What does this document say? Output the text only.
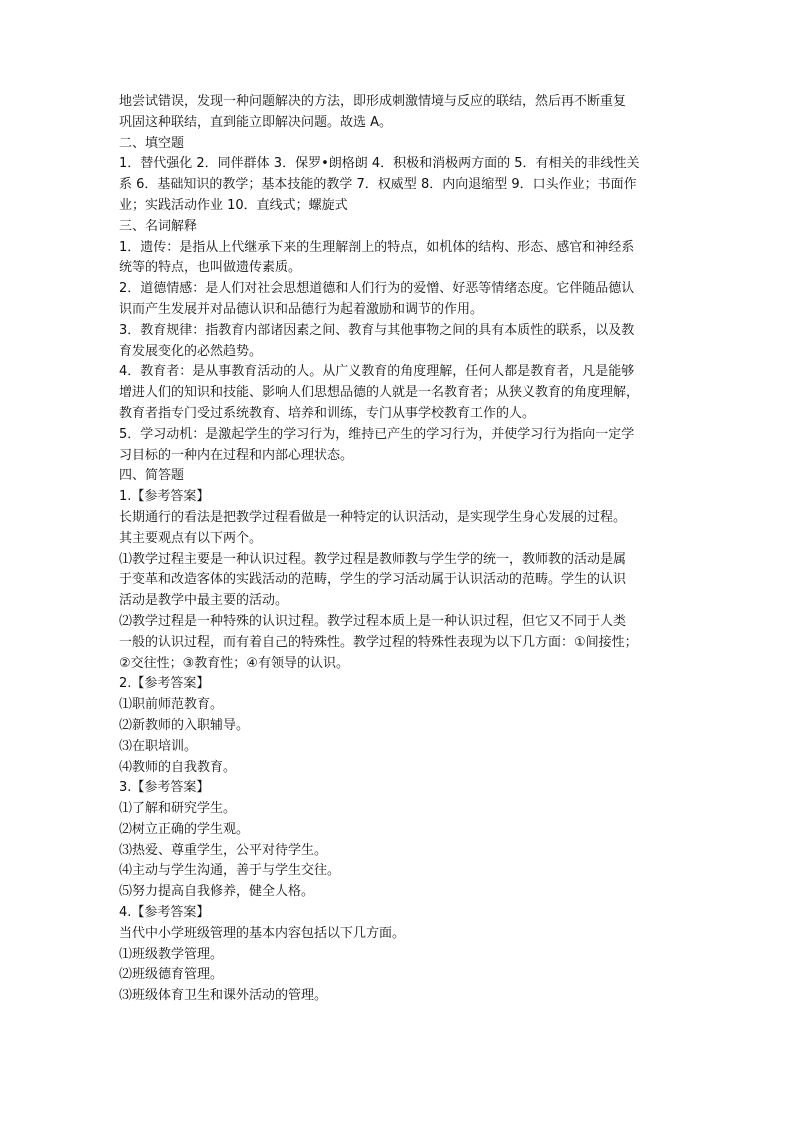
地尝试错误，发现一种问题解决的方法，即形成刺激情境与反应的联结，然后再不断重复
巩固这种联结，直到能立即解决问题。故选 A。
二、填空题
1．替代强化 2．同伴群体 3．保罗•朗格朗 4．积极和消极两方面的 5．有相关的非线性关
系 6．基础知识的教学；基本技能的教学 7．权威型 8．内向退缩型 9．口头作业；书面作
业；实践活动作业 10．直线式；螺旋式
三、名词解释
1．遗传：是指从上代继承下来的生理解剖上的特点，如机体的结构、形态、感官和神经系
统等的特点，也叫做遗传素质。
2．道德情感：是人们对社会思想道德和人们行为的爱憎、好恶等情绪态度。它伴随品德认
识而产生发展并对品德认识和品德行为起着激励和调节的作用。
3．教育规律：指教育内部诸因素之间、教育与其他事物之间的具有本质性的联系，以及教
育发展变化的必然趋势。
4．教育者：是从事教育活动的人。从广义教育的角度理解，任何人都是教育者，凡是能够
增进人们的知识和技能、影响人们思想品德的人就是一名教育者；从狭义教育的角度理解，
教育者指专门受过系统教育、培养和训练，专门从事学校教育工作的人。
5．学习动机：是激起学生的学习行为，维持已产生的学习行为，并使学习行为指向一定学
习目标的一种内在过程和内部心理状态。
四、简答题
1.【参考答案】
长期通行的看法是把教学过程看做是一种特定的认识活动，是实现学生身心发展的过程。
其主要观点有以下两个。
⑴教学过程主要是一种认识过程。教学过程是教师教与学生学的统一，教师教的活动是属
于变革和改造客体的实践活动的范畴，学生的学习活动属于认识活动的范畴。学生的认识
活动是教学中最主要的活动。
⑵教学过程是一种特殊的认识过程。教学过程本质上是一种认识过程，但它又不同于人类
一般的认识过程，而有着自己的特殊性。教学过程的特殊性表现为以下几方面：①间接性；
②交往性；③教育性；④有领导的认识。
2.【参考答案】
⑴职前师范教育。
⑵新教师的入职辅导。
⑶在职培训。
⑷教师的自我教育。
3.【参考答案】
⑴了解和研究学生。
⑵树立正确的学生观。
⑶热爱、尊重学生，公平对待学生。
⑷主动与学生沟通，善于与学生交往。
⑸努力提高自我修养，健全人格。
4.【参考答案】
当代中小学班级管理的基本内容包括以下几方面。
⑴班级教学管理。
⑵班级德育管理。
⑶班级体育卫生和课外活动的管理。
